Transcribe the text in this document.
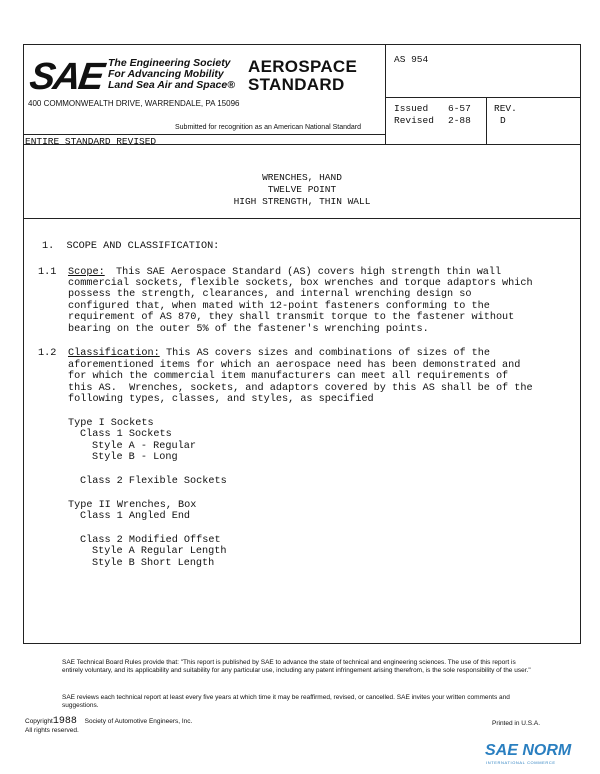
SAE The Engineering Society
For Advancing Mobility
Land Sea Air and Space®
AEROSPACE
STANDARD
400 COMMONWEALTH DRIVE, WARRENDALE, PA 15096
Submitted for recognition as an American National Standard
AS 954
Issued 6-57
Revised 2-88
REV.
D
ENTIRE STANDARD REVISED
WRENCHES, HAND
TWELVE POINT
HIGH STRENGTH, THIN WALL
1.  SCOPE AND CLASSIFICATION:
1.1 Scope: This SAE Aerospace Standard (AS) covers high strength thin wall
commercial sockets, flexible sockets, box wrenches and torque adaptors which
possess the strength, clearances, and internal wrenching design so
configured that, when mated with 12-point fasteners conforming to the
requirement of AS 870, they shall transmit torque to the fastener without
bearing on the outer 5% of the fastener's wrenching points.
1.2 Classification: This AS covers sizes and combinations of sizes of the
aforementioned items for which an aerospace need has been demonstrated and
for which the commercial item manufacturers can meet all requirements of
this AS.  Wrenches, sockets, and adaptors covered by this AS shall be of the
following types, classes, and styles, as specified
Type I Sockets
Class 1 Sockets
Style A - Regular
Style B - Long
Class 2 Flexible Sockets
Type II Wrenches, Box
Class 1 Angled End
Class 2 Modified Offset
Style A Regular Length
Style B Short Length
SAE Technical Board Rules provide that: "This report is published by SAE to advance the state of technical and engineering sciences. The use of this report is entirely voluntary, and its applicability and suitability for any particular use, including any patent infringement arising therefrom, is the sole responsibility of the user."
SAE reviews each technical report at least every five years at which time it may be reaffirmed, revised, or cancelled. SAE invites your written comments and suggestions.
Copyright1988 Society of Automotive Engineers, Inc.
All rights reserved.
Printed in U.S.A.
SAE NORM
INTERNATIONAL COMMERCE
